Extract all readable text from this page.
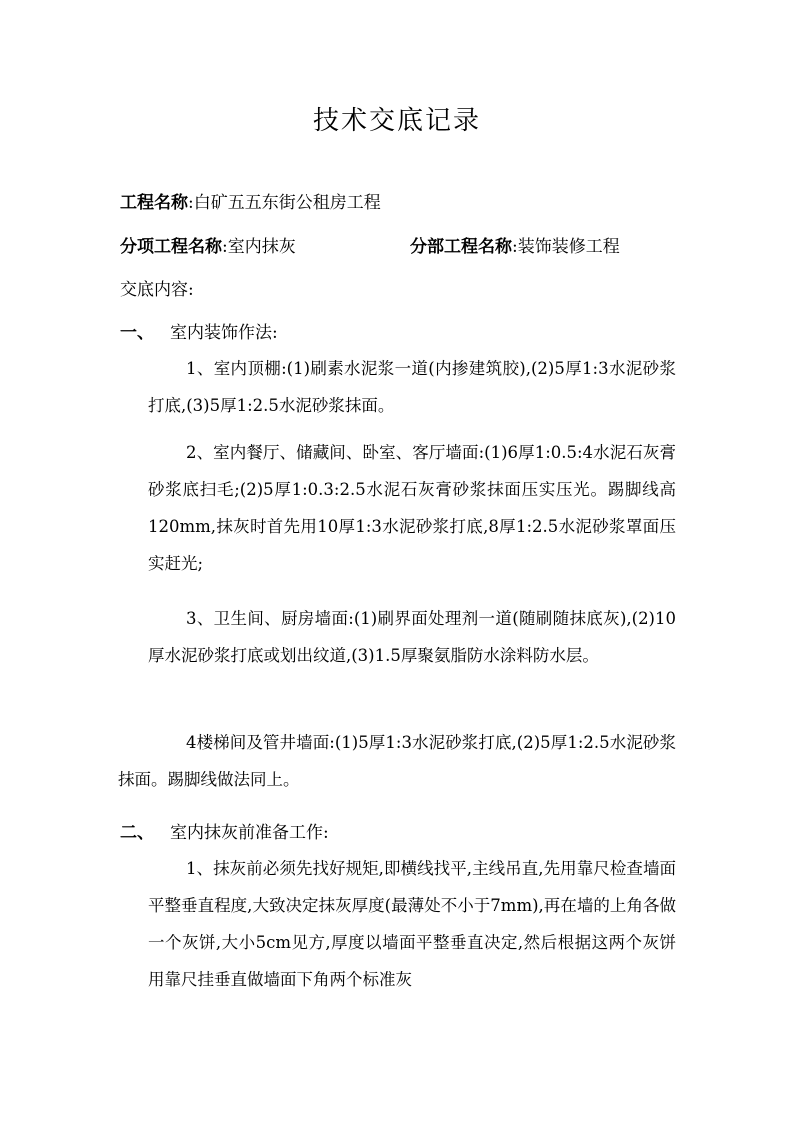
技术交底记录
工程名称:白矿五五东街公租房工程
分项工程名称:室内抹灰	分部工程名称:装饰装修工程
交底内容:
一、 室内装饰作法:
1、室内顶棚:(1)刷素水泥浆一道(内掺建筑胶),(2)5厚1:3水泥砂浆打底,(3)5厚1:2.5水泥砂浆抹面。
2、室内餐厅、储藏间、卧室、客厅墙面:(1)6厚1:0.5:4水泥石灰膏砂浆底扫毛;(2)5厚1:0.3:2.5水泥石灰膏砂浆抹面压实压光。踢脚线高120mm,抹灰时首先用10厚1:3水泥砂浆打底,8厚1:2.5水泥砂浆罩面压实赶光;
3、卫生间、厨房墙面:(1)刷界面处理剂一道(随刷随抹底灰),(2)10厚水泥砂浆打底或划出纹道,(3)1.5厚聚氨脂防水涂料防水层。
4楼梯间及管井墙面:(1)5厚1:3水泥砂浆打底,(2)5厚1:2.5水泥砂浆抹面。踢脚线做法同上。
二、 室内抹灰前准备工作:
1、抹灰前必须先找好规矩,即横线找平,主线吊直,先用靠尺检查墙面平整垂直程度,大致决定抹灰厚度(最薄处不小于7mm),再在墙的上角各做一个灰饼,大小5cm见方,厚度以墙面平整垂直决定,然后根据这两个灰饼用靠尺挂垂直做墙面下角两个标准灰
